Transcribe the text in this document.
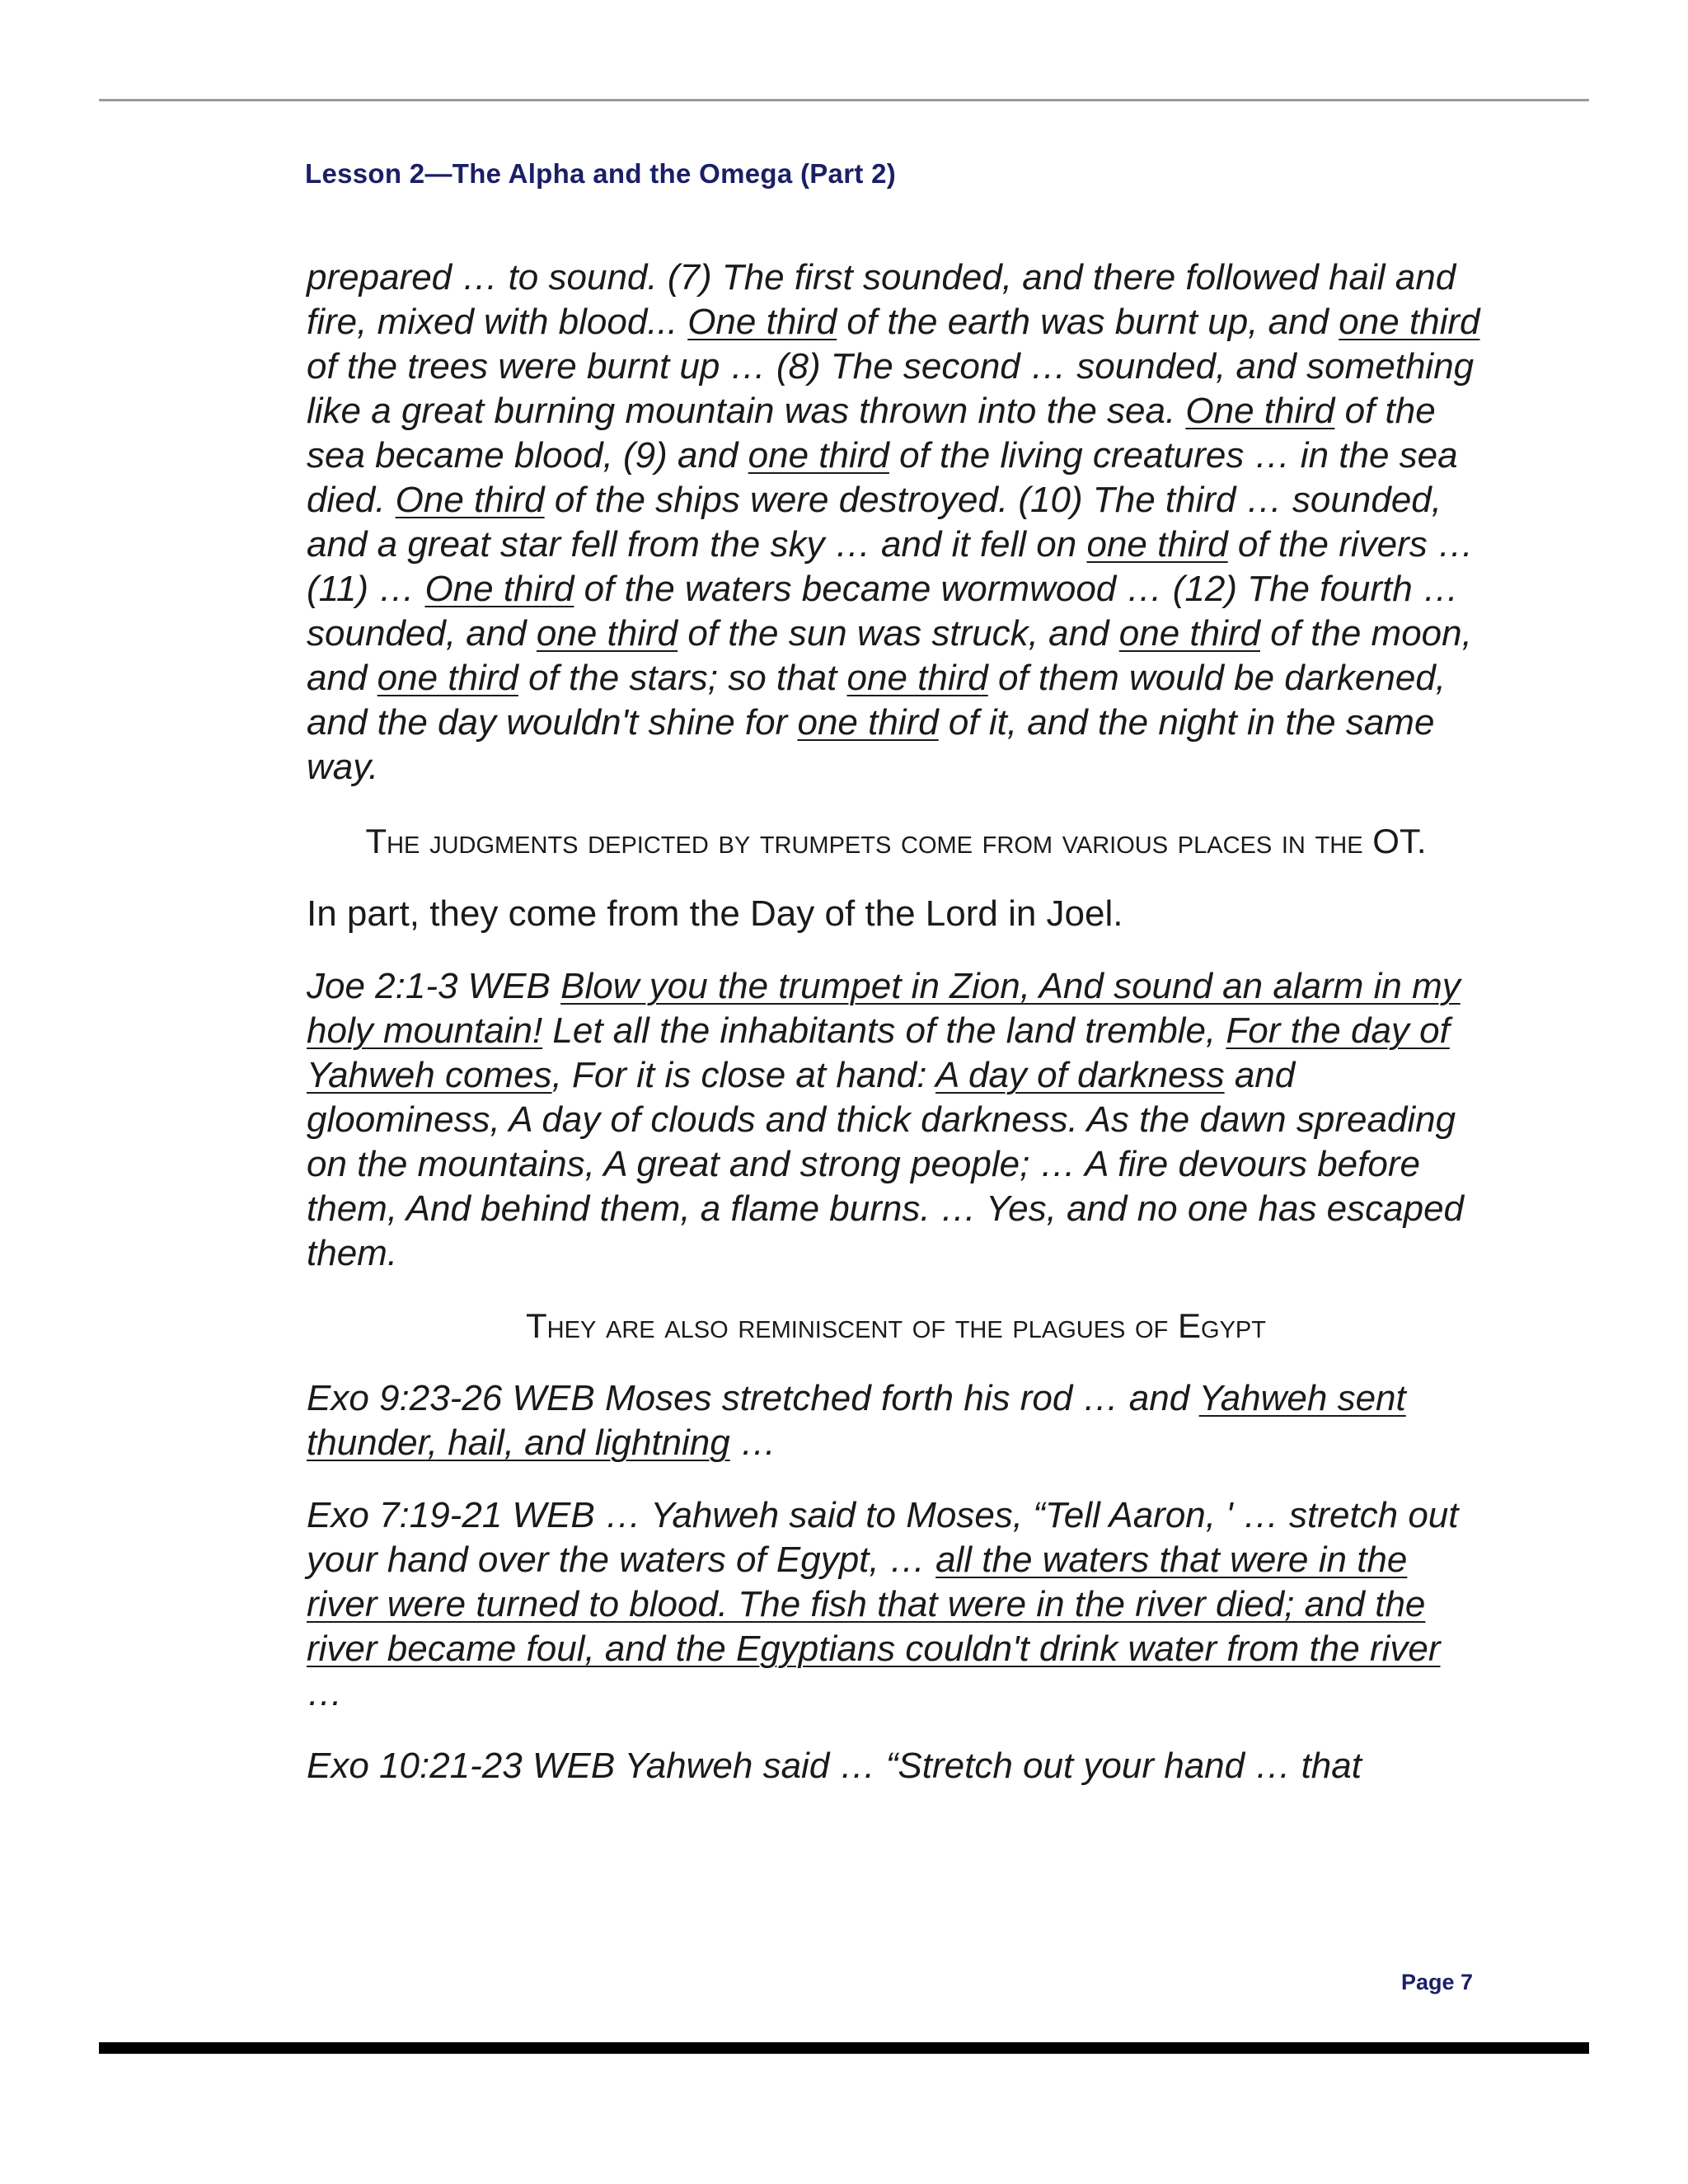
Lesson 2—The Alpha and the Omega (Part 2)

prepared … to sound. (7) The first sounded, and there followed hail and fire, mixed with blood... One third of the earth was burnt up, and one third of the trees were burnt up … (8) The second … sounded, and something like a great burning mountain was thrown into the sea. One third of the sea became blood, (9) and one third of the living creatures … in the sea died. One third of the ships were destroyed. (10) The third … sounded, and a great star fell from the sky … and it fell on one third of the rivers … (11) … One third of the waters became wormwood … (12) The fourth … sounded, and one third of the sun was struck, and one third of the moon, and one third of the stars; so that one third of them would be darkened, and the day wouldn't shine for one third of it, and the night in the same way.

The judgments depicted by trumpets come from various places in the OT.

In part, they come from the Day of the Lord in Joel.

Joe 2:1-3 WEB Blow you the trumpet in Zion, And sound an alarm in my holy mountain! Let all the inhabitants of the land tremble, For the day of Yahweh comes, For it is close at hand: A day of darkness and gloominess, A day of clouds and thick darkness. As the dawn spreading on the mountains, A great and strong people; … A fire devours before them, And behind them, a flame burns. … Yes, and no one has escaped them.

They are also reminiscent of the plagues of Egypt

Exo 9:23-26 WEB Moses stretched forth his rod … and Yahweh sent thunder, hail, and lightning …

Exo 7:19-21 WEB … Yahweh said to Moses, “Tell Aaron, ' … stretch out your hand over the waters of Egypt, … all the waters that were in the river were turned to blood. The fish that were in the river died; and the river became foul, and the Egyptians couldn't drink water from the river …

Exo 10:21-23 WEB Yahweh said … “Stretch out your hand … that

Page 7
